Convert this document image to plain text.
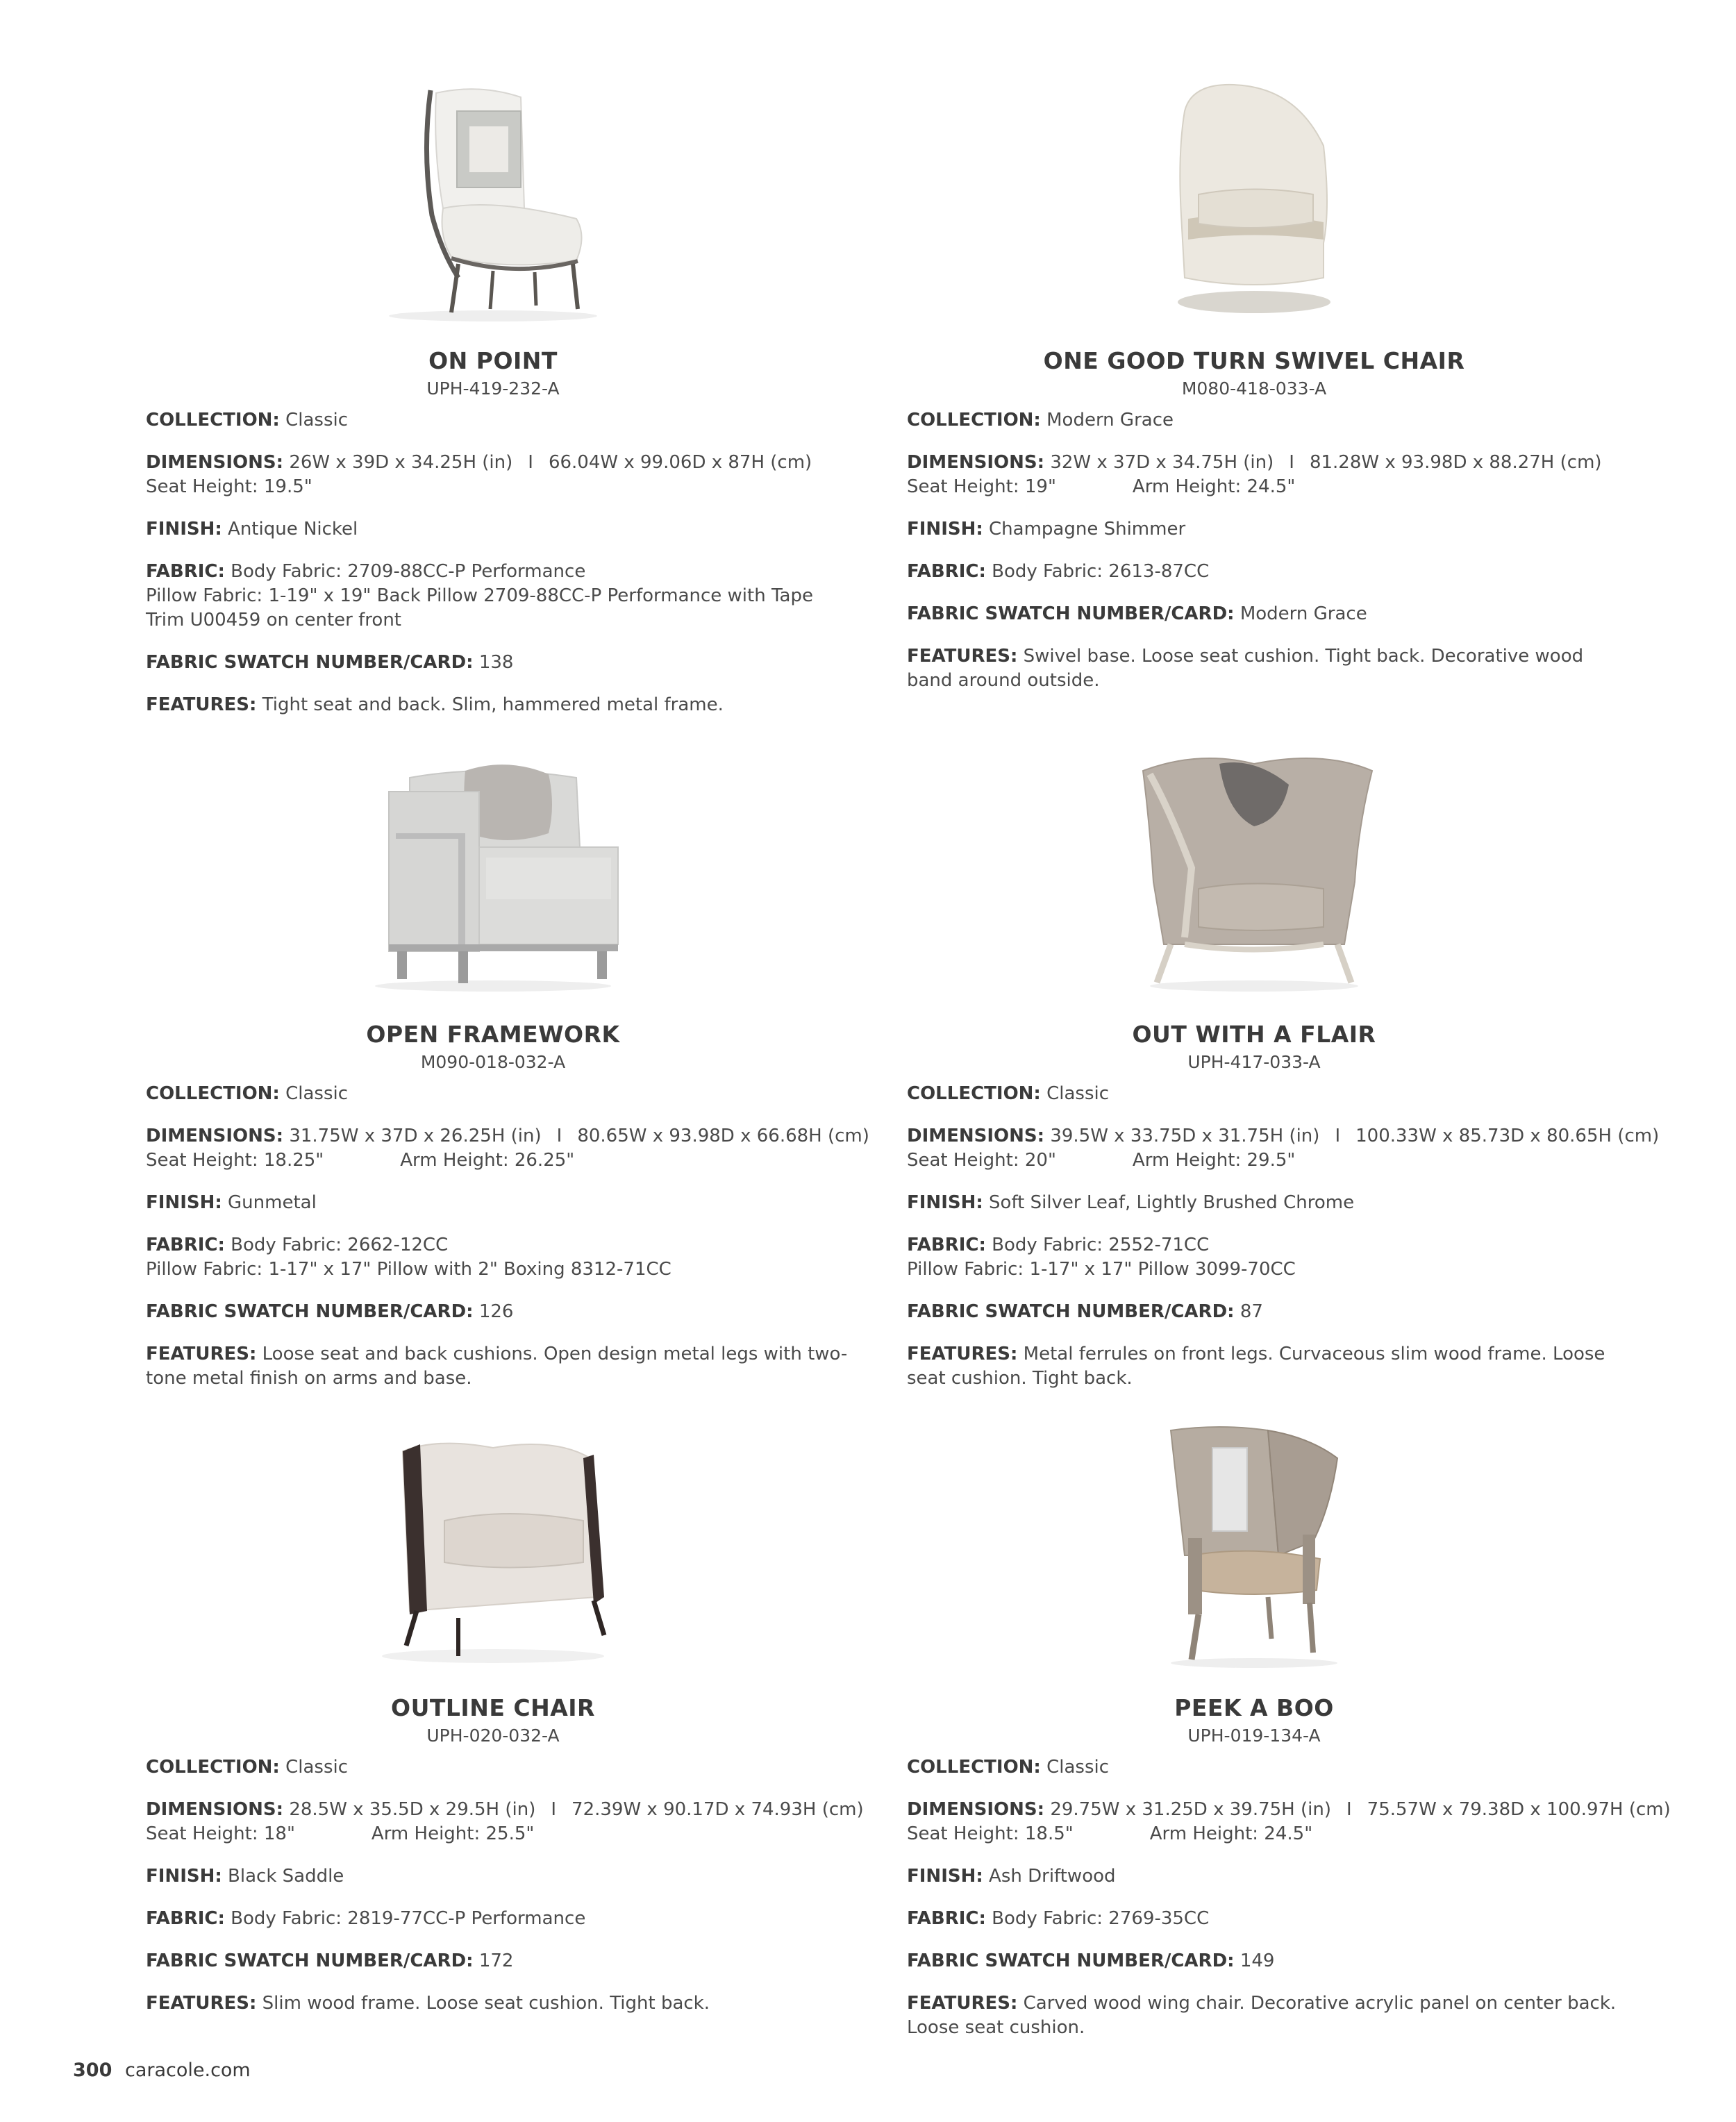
ON POINT
UPH-419-232-A
COLLECTION: Classic
DIMENSIONS: 26W x 39D x 34.25H (in) I 66.04W x 99.06D x 87H (cm)
Seat Height: 19.5"
FINISH: Antique Nickel
FABRIC: Body Fabric: 2709-88CC-P Performance
Pillow Fabric: 1-19" x 19" Back Pillow 2709-88CC-P Performance with Tape
Trim U00459 on center front
FABRIC SWATCH NUMBER/CARD: 138
FEATURES: Tight seat and back. Slim, hammered metal frame.
ONE GOOD TURN SWIVEL CHAIR
M080-418-033-A
COLLECTION: Modern Grace
DIMENSIONS: 32W x 37D x 34.75H (in) I 81.28W x 93.98D x 88.27H (cm)
Seat Height: 19"	Arm Height: 24.5"
FINISH: Champagne Shimmer
FABRIC: Body Fabric: 2613-87CC
FABRIC SWATCH NUMBER/CARD: Modern Grace
FEATURES: Swivel base. Loose seat cushion. Tight back. Decorative wood
band around outside.
OPEN FRAMEWORK
M090-018-032-A
COLLECTION: Classic
DIMENSIONS: 31.75W x 37D x 26.25H (in) I 80.65W x 93.98D x 66.68H (cm)
Seat Height: 18.25"	Arm Height: 26.25"
FINISH: Gunmetal
FABRIC: Body Fabric: 2662-12CC
Pillow Fabric: 1-17" x 17" Pillow with 2" Boxing 8312-71CC
FABRIC SWATCH NUMBER/CARD: 126
FEATURES: Loose seat and back cushions. Open design metal legs with two-
tone metal finish on arms and base.
OUT WITH A FLAIR
UPH-417-033-A
COLLECTION: Classic
DIMENSIONS: 39.5W x 33.75D x 31.75H (in) I 100.33W x 85.73D x 80.65H (cm)
Seat Height: 20"	Arm Height: 29.5"
FINISH: Soft Silver Leaf, Lightly Brushed Chrome
FABRIC: Body Fabric: 2552-71CC
Pillow Fabric: 1-17" x 17" Pillow 3099-70CC
FABRIC SWATCH NUMBER/CARD: 87
FEATURES: Metal ferrules on front legs. Curvaceous slim wood frame. Loose
seat cushion. Tight back.
OUTLINE CHAIR
UPH-020-032-A
COLLECTION: Classic
DIMENSIONS: 28.5W x 35.5D x 29.5H (in) I 72.39W x 90.17D x 74.93H (cm)
Seat Height: 18"	Arm Height: 25.5"
FINISH: Black Saddle
FABRIC: Body Fabric: 2819-77CC-P Performance
FABRIC SWATCH NUMBER/CARD: 172
FEATURES: Slim wood frame. Loose seat cushion. Tight back.
PEEK A BOO
UPH-019-134-A
COLLECTION: Classic
DIMENSIONS: 29.75W x 31.25D x 39.75H (in) I 75.57W x 79.38D x 100.97H (cm)
Seat Height: 18.5"	Arm Height: 24.5"
FINISH: Ash Driftwood
FABRIC: Body Fabric: 2769-35CC
FABRIC SWATCH NUMBER/CARD: 149
FEATURES: Carved wood wing chair. Decorative acrylic panel on center back.
Loose seat cushion.
300 caracole.com
